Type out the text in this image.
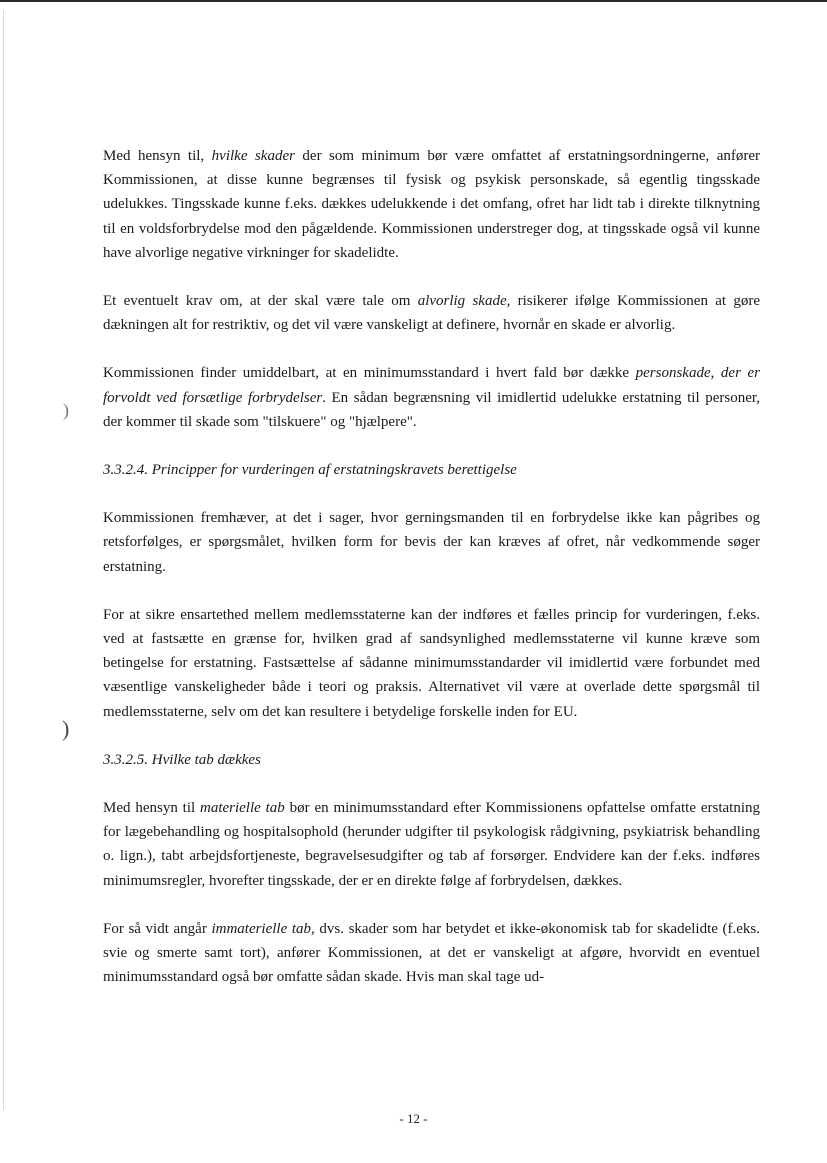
)
)

Med hensyn til, hvilke skader der som minimum bør være omfattet af erstatningsordningerne, anfører Kommissionen, at disse kunne begrænses til fysisk og psykisk personskade, så egentlig tingsskade udelukkes. Tingsskade kunne f.eks. dækkes udelukkende i det omfang, ofret har lidt tab i direkte tilknytning til en voldsforbrydelse mod den pågældende. Kommissionen understreger dog, at tingsskade også vil kunne have alvorlige negative virkninger for skadelidte.

Et eventuelt krav om, at der skal være tale om alvorlig skade, risikerer ifølge Kommissionen at gøre dækningen alt for restriktiv, og det vil være vanskeligt at definere, hvornår en skade er alvorlig.

Kommissionen finder umiddelbart, at en minimumsstandard i hvert fald bør dække personskade, der er forvoldt ved forsætlige forbrydelser. En sådan begrænsning vil imidlertid udelukke erstatning til personer, der kommer til skade som "tilskuere" og "hjælpere".

3.3.2.4. Principper for vurderingen af erstatningskravets berettigelse

Kommissionen fremhæver, at det i sager, hvor gerningsmanden til en forbrydelse ikke kan pågribes og retsforfølges, er spørgsmålet, hvilken form for bevis der kan kræves af ofret, når vedkommende søger erstatning.

For at sikre ensartethed mellem medlemsstaterne kan der indføres et fælles princip for vurderingen, f.eks. ved at fastsætte en grænse for, hvilken grad af sandsynlighed medlemsstaterne vil kunne kræve som betingelse for erstatning. Fastsættelse af sådanne minimumsstandarder vil imidlertid være forbundet med væsentlige vanskeligheder både i teori og praksis. Alternativet vil være at overlade dette spørgsmål til medlemsstaterne, selv om det kan resultere i betydelige forskelle inden for EU.

3.3.2.5. Hvilke tab dækkes

Med hensyn til materielle tab bør en minimumsstandard efter Kommissionens opfattelse omfatte erstatning for lægebehandling og hospitalsophold (herunder udgifter til psykologisk rådgivning, psykiatrisk behandling o. lign.), tabt arbejdsfortjeneste, begravelsesudgifter og tab af forsørger. Endvidere kan der f.eks. indføres minimumsregler, hvorefter tingsskade, der er en direkte følge af forbrydelsen, dækkes.

For så vidt angår immaterielle tab, dvs. skader som har betydet et ikke-økonomisk tab for skadelidte (f.eks. svie og smerte samt tort), anfører Kommissionen, at det er vanskeligt at afgøre, hvorvidt en eventuel minimumsstandard også bør omfatte sådan skade. Hvis man skal tage ud-

- 12 -
